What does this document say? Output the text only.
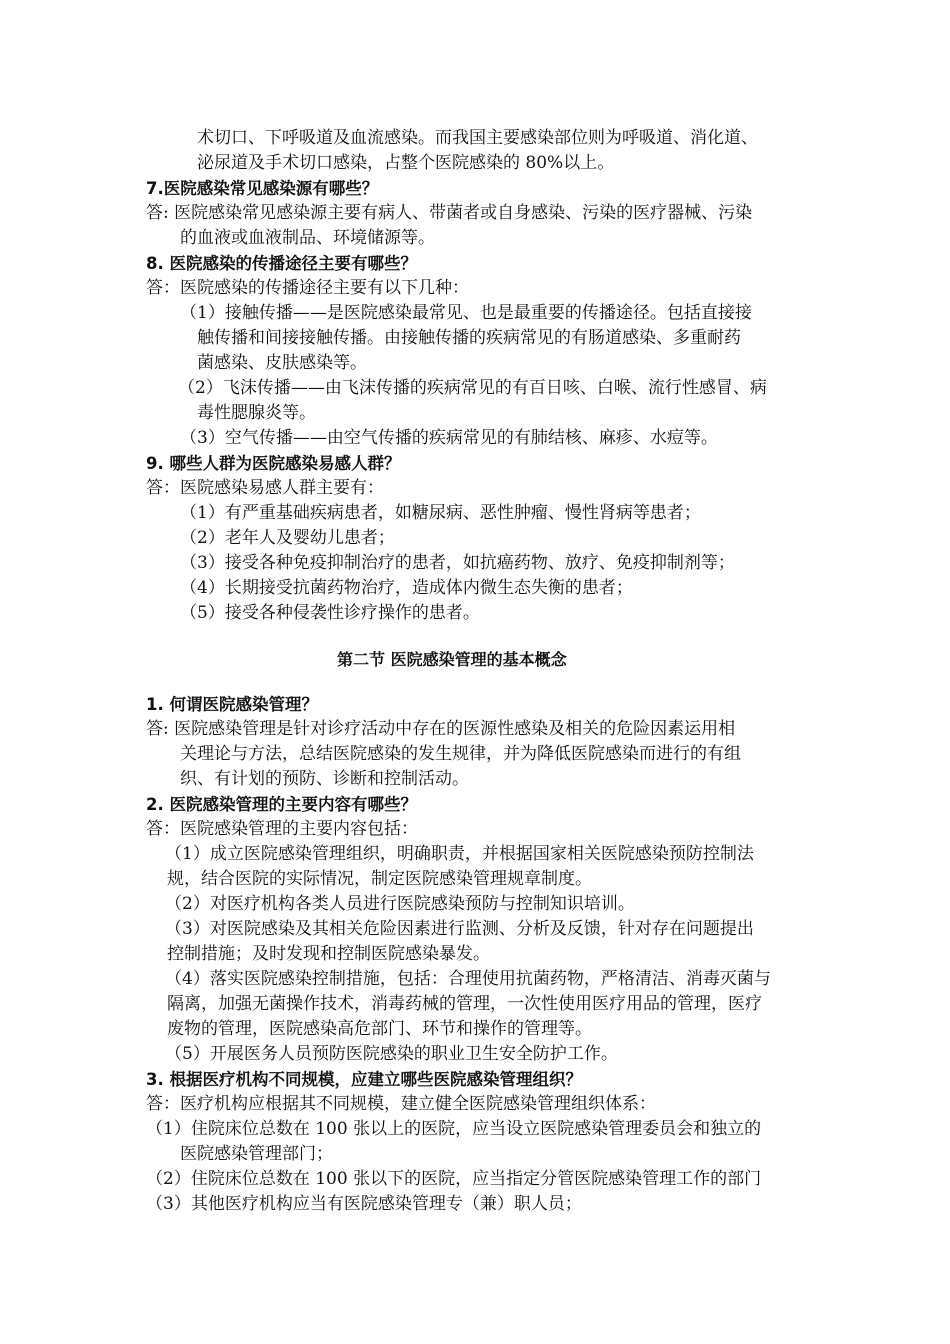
术切口、下呼吸道及血流感染。而我国主要感染部位则为呼吸道、消化道、
泌尿道及手术切口感染，占整个医院感染的 80%以上。
7.医院感染常见感染源有哪些？
答: 医院感染常见感染源主要有病人、带菌者或自身感染、污染的医疗器械、污染
的血液或血液制品、环境储源等。
8. 医院感染的传播途径主要有哪些？
答：医院感染的传播途径主要有以下几种：
（1）接触传播——是医院感染最常见、也是最重要的传播途径。包括直接接
触传播和间接接触传播。由接触传播的疾病常见的有肠道感染、多重耐药
菌感染、皮肤感染等。
（2）飞沫传播——由飞沫传播的疾病常见的有百日咳、白喉、流行性感冒、病
毒性腮腺炎等。
（3）空气传播——由空气传播的疾病常见的有肺结核、麻疹、水痘等。
9. 哪些人群为医院感染易感人群？
答：医院感染易感人群主要有：
（1）有严重基础疾病患者，如糖尿病、恶性肿瘤、慢性肾病等患者；
（2）老年人及婴幼儿患者；
（3）接受各种免疫抑制治疗的患者，如抗癌药物、放疗、免疫抑制剂等；
（4）长期接受抗菌药物治疗，造成体内微生态失衡的患者；
（5）接受各种侵袭性诊疗操作的患者。
第二节 医院感染管理的基本概念
1. 何谓医院感染管理？
答: 医院感染管理是针对诊疗活动中存在的医源性感染及相关的危险因素运用相
关理论与方法，总结医院感染的发生规律，并为降低医院感染而进行的有组
织、有计划的预防、诊断和控制活动。
2. 医院感染管理的主要内容有哪些？
答：医院感染管理的主要内容包括：
（1）成立医院感染管理组织，明确职责，并根据国家相关医院感染预防控制法
规，结合医院的实际情况，制定医院感染管理规章制度。
（2）对医疗机构各类人员进行医院感染预防与控制知识培训。
（3）对医院感染及其相关危险因素进行监测、分析及反馈，针对存在问题提出
控制措施；及时发现和控制医院感染暴发。
（4）落实医院感染控制措施，包括：合理使用抗菌药物，严格清洁、消毒灭菌与
隔离，加强无菌操作技术，消毒药械的管理，一次性使用医疗用品的管理，医疗
废物的管理，医院感染高危部门、环节和操作的管理等。
（5）开展医务人员预防医院感染的职业卫生安全防护工作。
3. 根据医疗机构不同规模，应建立哪些医院感染管理组织？
答：医疗机构应根据其不同规模，建立健全医院感染管理组织体系：
（1）住院床位总数在 100 张以上的医院，应当设立医院感染管理委员会和独立的
医院感染管理部门；
（2）住院床位总数在 100 张以下的医院，应当指定分管医院感染管理工作的部门
（3）其他医疗机构应当有医院感染管理专（兼）职人员；
